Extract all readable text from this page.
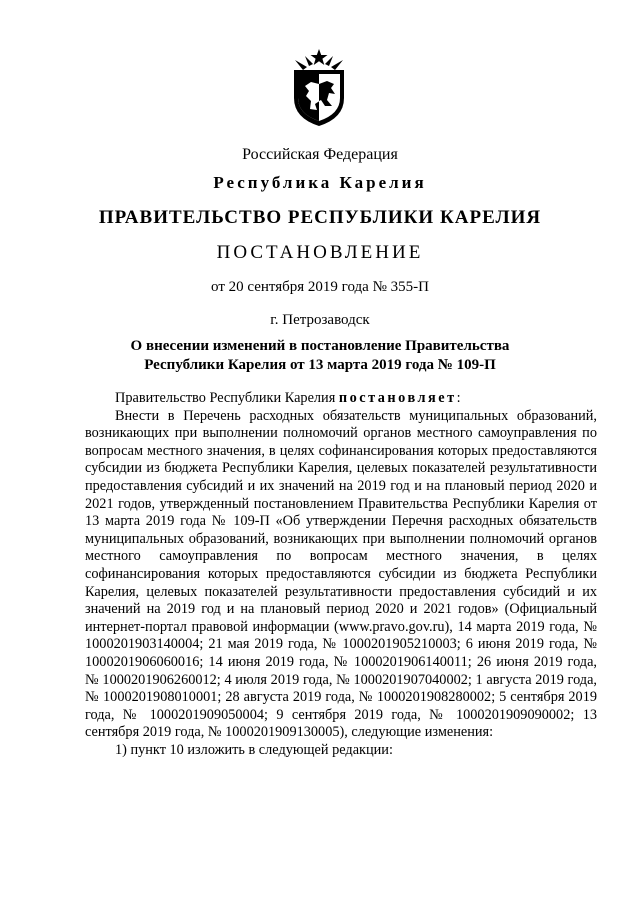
Российская Федерация
Республика Карелия
ПРАВИТЕЛЬСТВО РЕСПУБЛИКИ КАРЕЛИЯ
ПОСТАНОВЛЕНИЕ
от 20 сентября 2019 года № 355-П
г. Петрозаводск
О внесении изменений в постановление Правительства
Республики Карелия от 13 марта 2019 года № 109-П

Правительство Республики Карелия постановляет:

Внести в Перечень расходных обязательств муниципальных образований, возникающих при выполнении полномочий органов местного самоуправления по вопросам местного значения, в целях софинансирования которых предоставляются субсидии из бюджета Республики Карелия, целевых показателей результативности предоставления субсидий и их значений на 2019 год и на плановый период 2020 и 2021 годов, утвержденный постановлением Правительства Республики Карелия от 13 марта 2019 года № 109-П «Об утверждении Перечня расходных обязательств муниципальных образований, возникающих при выполнении полномочий органов местного самоуправления по вопросам местного значения, в целях софинансирования которых предоставляются субсидии из бюджета Республики Карелия, целевых показателей результативности предоставления субсидий и их значений на 2019 год и на плановый период 2020 и 2021 годов» (Официальный интернет-портал правовой информации (www.pravo.gov.ru), 14 марта 2019 года, № 1000201903140004; 21 мая 2019 года, № 1000201905210003; 6 июня 2019 года, № 1000201906060016; 14 июня 2019 года, № 1000201906140011; 26 июня 2019 года, № 1000201906260012; 4 июля 2019 года, № 1000201907040002; 1 августа 2019 года, № 1000201908010001; 28 августа 2019 года, № 1000201908280002; 5 сентября 2019 года, № 1000201909050004; 9 сентября 2019 года, № 1000201909090002; 13 сентября 2019 года, № 1000201909130005), следующие изменения:

1) пункт 10 изложить в следующей редакции:
